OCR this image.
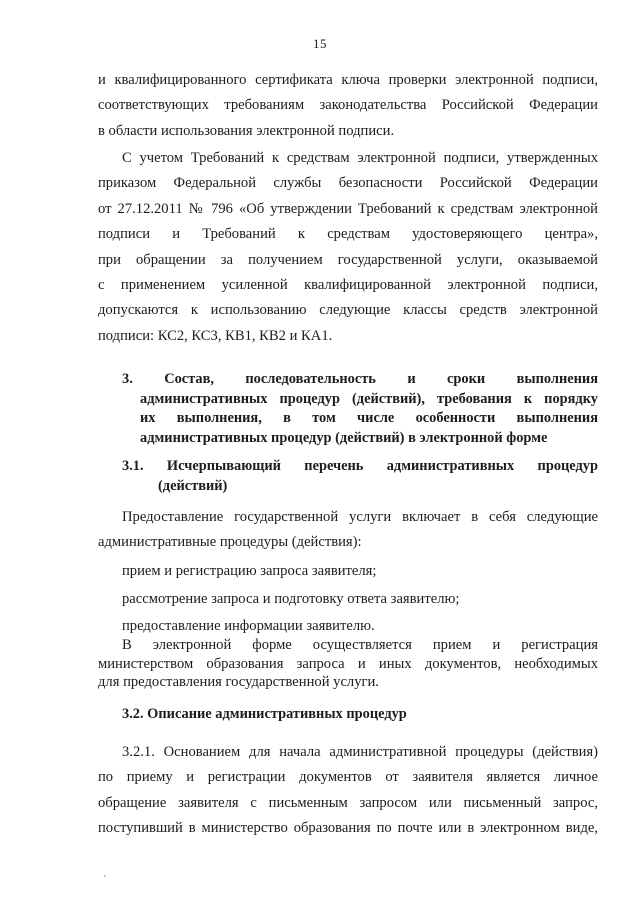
15
и квалифицированного сертификата ключа проверки электронной подписи,
соответствующих требованиям законодательства Российской Федерации
в области использования электронной подписи.
С учетом Требований к средствам электронной подписи, утвержденных
приказом Федеральной службы безопасности Российской Федерации
от 27.12.2011 № 796 «Об утверждении Требований к средствам электронной
подписи и Требований к средствам удостоверяющего центра»,
при обращении за получением государственной услуги, оказываемой
с применением усиленной квалифицированной электронной подписи,
допускаются к использованию следующие классы средств электронной
подписи: КС2, КС3, КВ1, КВ2 и КА1.
3. Состав, последовательность и сроки выполнения
административных процедур (действий), требования к порядку
их выполнения, в том числе особенности выполнения
административных процедур (действий) в электронной форме
3.1. Исчерпывающий перечень административных процедур
(действий)
Предоставление государственной услуги включает в себя следующие
административные процедуры (действия):
прием и регистрацию запроса заявителя;
рассмотрение запроса и подготовку ответа заявителю;
предоставление информации заявителю.
В электронной форме осуществляется прием и регистрация
министерством образования запроса и иных документов, необходимых
для предоставления государственной услуги.
3.2. Описание административных процедур
3.2.1. Основанием для начала административной процедуры (действия)
по приему и регистрации документов от заявителя является личное
обращение заявителя с письменным запросом или письменный запрос,
поступивший в министерство образования по почте или в электронном виде,
